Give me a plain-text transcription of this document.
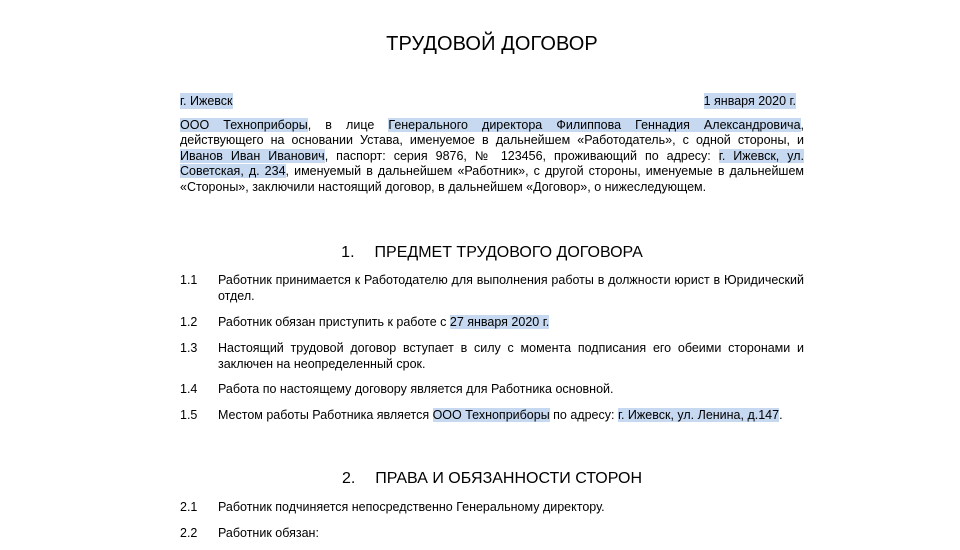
ТРУДОВОЙ ДОГОВОР
г. Ижевск	1 января 2020 г.
ООО Техноприборы, в лице Генерального директора Филиппова Геннадия Александровича, действующего на основании Устава, именуемое в дальнейшем «Работодатель», с одной стороны, и Иванов Иван Иванович, паспорт: серия 9876, № 123456, проживающий по адресу: г. Ижевск, ул. Советская, д. 234, именуемый в дальнейшем «Работник», с другой стороны, именуемые в дальнейшем «Стороны», заключили настоящий договор, в дальнейшем «Договор», о нижеследующем.
1. ПРЕДМЕТ ТРУДОВОГО ДОГОВОРА
1.1 Работник принимается к Работодателю для выполнения работы в должности юрист в Юридический отдел.
1.2 Работник обязан приступить к работе с 27 января 2020 г.
1.3 Настоящий трудовой договор вступает в силу с момента подписания его обеими сторонами и заключен на неопределенный срок.
1.4 Работа по настоящему договору является для Работника основной.
1.5 Местом работы Работника является ООО Техноприборы по адресу: г. Ижевск, ул. Ленина, д.147.
2. ПРАВА И ОБЯЗАННОСТИ СТОРОН
2.1 Работник подчиняется непосредственно Генеральному директору.
2.2 Работник обязан:
